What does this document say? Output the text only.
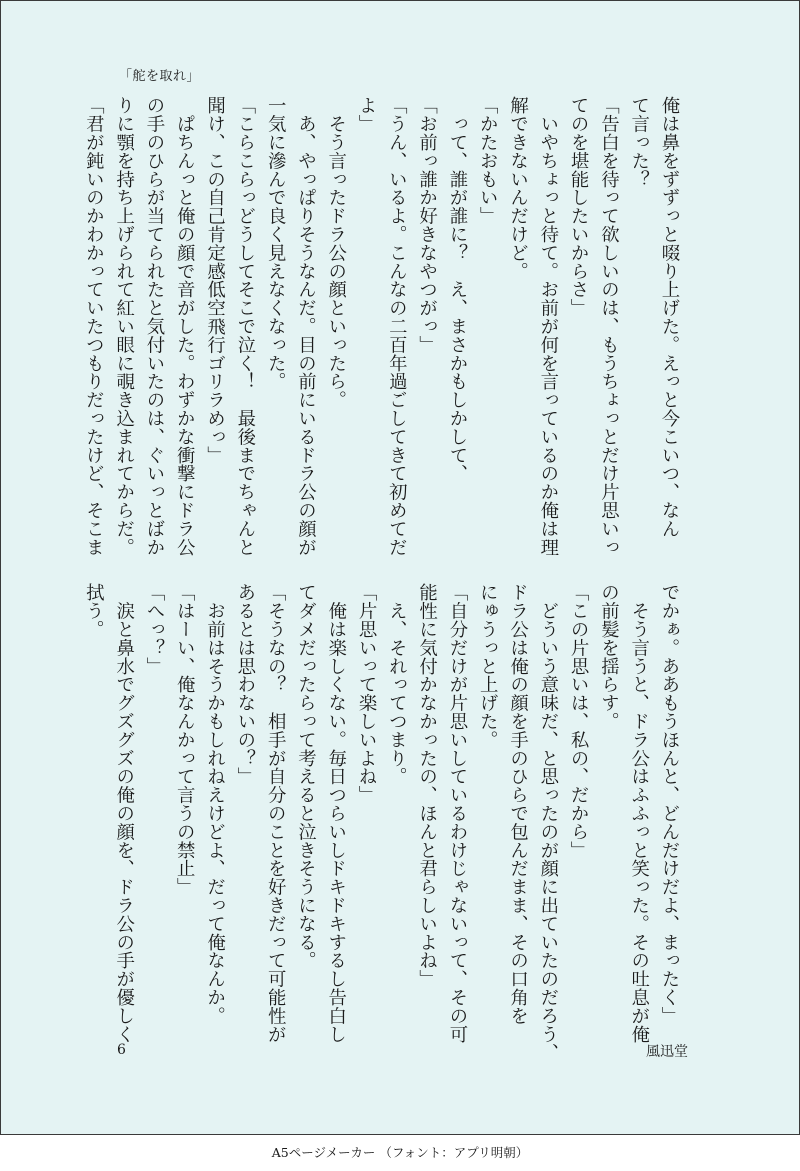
「舵を取れ」
俺は鼻をずずっと啜り上げた。えっと今こいつ、なん
て言った？
「告白を待って欲しいのは、もうちょっとだけ片思いっ
てのを堪能したいからさ」
　いやちょっと待て。お前が何を言っているのか俺は理
解できないんだけど。
「かたおもい」
　って、誰が誰に？　え、まさかもしかして、
「お前っ誰か好きなやつがっ」
「うん、いるよ。こんなの二百年過ごしてきて初めてだ
よ」
　そう言ったドラ公の顔といったら。
　あ、やっぱりそうなんだ。目の前にいるドラ公の顔が
一気に滲んで良く見えなくなった。
「こらこらっどうしてそこで泣く！　最後までちゃんと
聞け、この自己肯定感低空飛行ゴリラめっ」
　ぱちんっと俺の顔で音がした。わずかな衝撃にドラ公
の手のひらが当てられたと気付いたのは、ぐいっとばか
りに顎を持ち上げられて紅い眼に覗き込まれてからだ。
「君が鈍いのかわかっていたつもりだったけど、そこま
でかぁ。ああもうほんと、どんだけだよ、まったく」
　そう言うと、ドラ公はふふっと笑った。その吐息が俺
の前髪を揺らす。
「この片思いは、私の、だから」
　どういう意味だ、と思ったのが顔に出ていたのだろう、
ドラ公は俺の顔を手のひらで包んだまま、その口角を
にゅうっと上げた。
「自分だけが片思いしているわけじゃないって、その可
能性に気付かなかったの、ほんと君らしいよね」
　え、それってつまり。
「片思いって楽しいよね」
　俺は楽しくない。毎日つらいしドキドキするし告白し
てダメだったらって考えると泣きそうになる。
「そうなの？　相手が自分のことを好きだって可能性が
あるとは思わないの？」
　お前はそうかもしれねえけどよ、だって俺なんか。
「はーい、俺なんかって言うの禁止」
「へっ？」
　涙と鼻水でグズグズの俺の顔を、ドラ公の手が優しく
拭う。
6	風迅堂
A5ページメーカー （フォント：アプリ明朝）
